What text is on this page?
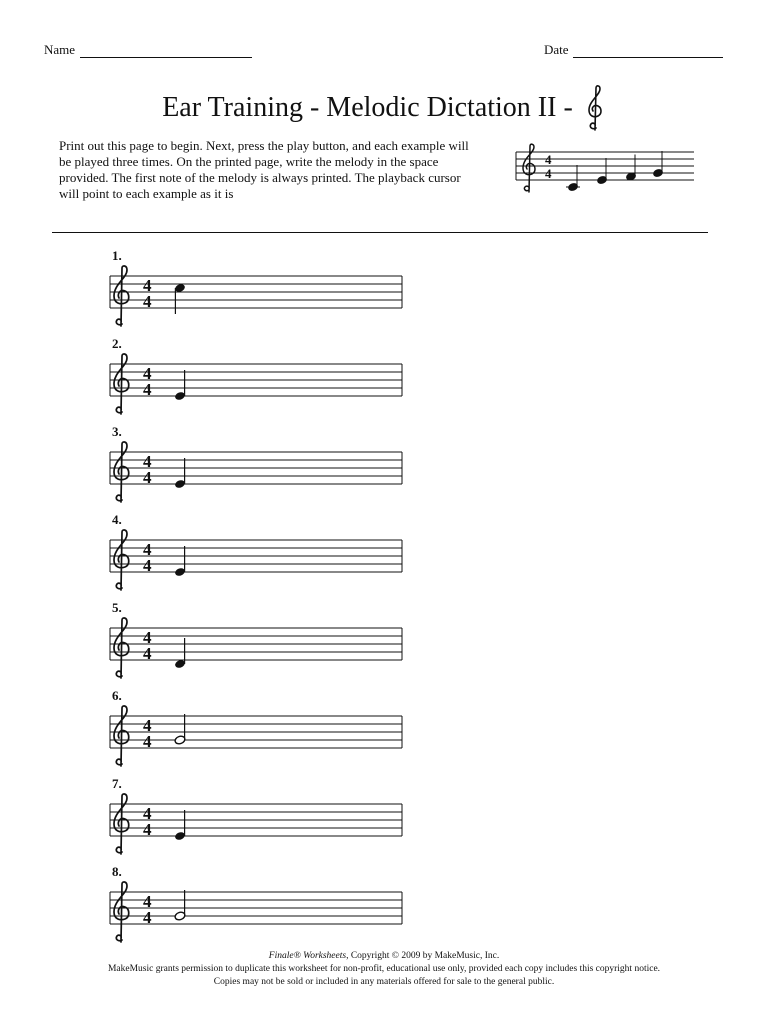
Name	Date
Ear Training - Melodic Dictation II -
Print out this page to begin. Next, press the play button, and each example will be played three times. On the printed page, write the melody in the space provided. The first note of the melody is always printed. The playback cursor will point to each example as it is
4
4
1.
4
4
2.
4
4
3.
4
4
4.
4
4
5.
4
4
6.
4
4
7.
4
4
8.
4
4
Finale® Worksheets, Copyright © 2009 by MakeMusic, Inc.
MakeMusic grants permission to duplicate this worksheet for non-profit, educational use only, provided each copy includes this copyright notice.
Copies may not be sold or included in any materials offered for sale to the general public.
